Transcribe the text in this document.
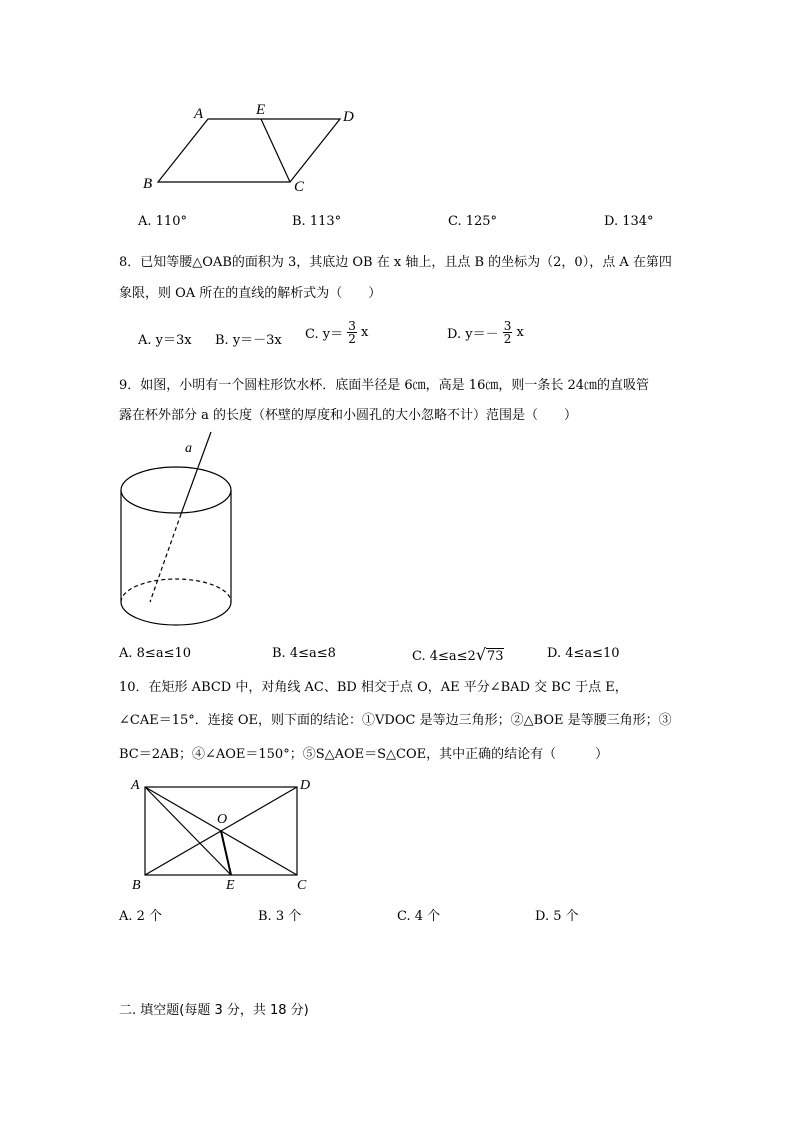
A	E	D
B	C
A. 110°	B. 113°	C. 125°	D. 134°
8．已知等腰△OAB的面积为 3，其底边 OB 在 x 轴上，且点 B 的坐标为（2，0），点 A 在第四
象限，则 OA 所在的直线的解析式为（　　）
A. y＝3x B. y＝－3x C. $y= \frac{3}{2}$ x	D. $y=- \frac{3}{2}$ x
9．如图，小明有一个圆柱形饮水杯．底面半径是 6㎝，高是 16㎝，则一条长 24㎝的直吸管
露在杯外部分 a 的长度（杯壁的厚度和小圆孔的大小忽略不计）范围是（　　）
a
A. 8≤a≤10	B. 4≤a≤8	C. 4≤a≤2√73	D. 4≤a≤10
10．在矩形 ABCD 中，对角线 AC、BD 相交于点 O，AE 平分∠BAD 交 BC 于点 E，
∠CAE＝15°．连接 OE，则下面的结论：①VDOC 是等边三角形；②△BOE 是等腰三角形；③
BC＝2AB；④∠AOE＝150°；⑤S△AOE＝S△COE，其中正确的结论有（　　　）
A	D
O
B	E	C
A. 2 个	B. 3 个	C. 4 个	D. 5 个
二. 填空题(每题 3 分，共 18 分)
